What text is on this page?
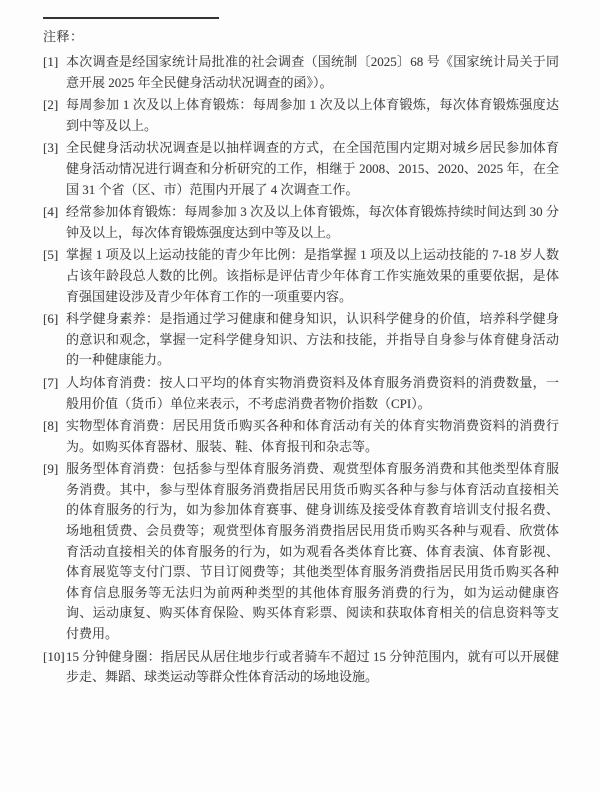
注释：
[1] 本次调查是经国家统计局批准的社会调查（国统制〔2025〕68 号《国家统计局关于同意开展 2025 年全民健身活动状况调查的函》）。
[2] 每周参加 1 次及以上体育锻炼：每周参加 1 次及以上体育锻炼，每次体育锻炼强度达到中等及以上。
[3] 全民健身活动状况调查是以抽样调查的方式，在全国范围内定期对城乡居民参加体育健身活动情况进行调查和分析研究的工作，相继于 2008、2015、2020、2025 年，在全国 31 个省（区、市）范围内开展了 4 次调查工作。
[4] 经常参加体育锻炼：每周参加 3 次及以上体育锻炼，每次体育锻炼持续时间达到 30 分钟及以上，每次体育锻炼强度达到中等及以上。
[5] 掌握 1 项及以上运动技能的青少年比例：是指掌握 1 项及以上运动技能的 7-18 岁人数占该年龄段总人数的比例。该指标是评估青少年体育工作实施效果的重要依据，是体育强国建设涉及青少年体育工作的一项重要内容。
[6] 科学健身素养：是指通过学习健康和健身知识，认识科学健身的价值，培养科学健身的意识和观念，掌握一定科学健身知识、方法和技能，并指导自身参与体育健身活动的一种健康能力。
[7] 人均体育消费：按人口平均的体育实物消费资料及体育服务消费资料的消费数量，一般用价值（货币）单位来表示，不考虑消费者物价指数（CPI）。
[8] 实物型体育消费：居民用货币购买各种和体育活动有关的体育实物消费资料的消费行为。如购买体育器材、服装、鞋、体育报刊和杂志等。
[9] 服务型体育消费：包括参与型体育服务消费、观赏型体育服务消费和其他类型体育服务消费。其中，参与型体育服务消费指居民用货币购买各种与参与体育活动直接相关的体育服务的行为，如为参加体育赛事、健身训练及接受体育教育培训支付报名费、场地租赁费、会员费等；观赏型体育服务消费指居民用货币购买各种与观看、欣赏体育活动直接相关的体育服务的行为，如为观看各类体育比赛、体育表演、体育影视、体育展览等支付门票、节目订阅费等；其他类型体育服务消费指居民用货币购买各种体育信息服务等无法归为前两种类型的其他体育服务消费的行为，如为运动健康咨询、运动康复、购买体育保险、购买体育彩票、阅读和获取体育相关的信息资料等支付费用。
[10] 15 分钟健身圈：指居民从居住地步行或者骑车不超过 15 分钟范围内，就有可以开展健步走、舞蹈、球类运动等群众性体育活动的场地设施。
